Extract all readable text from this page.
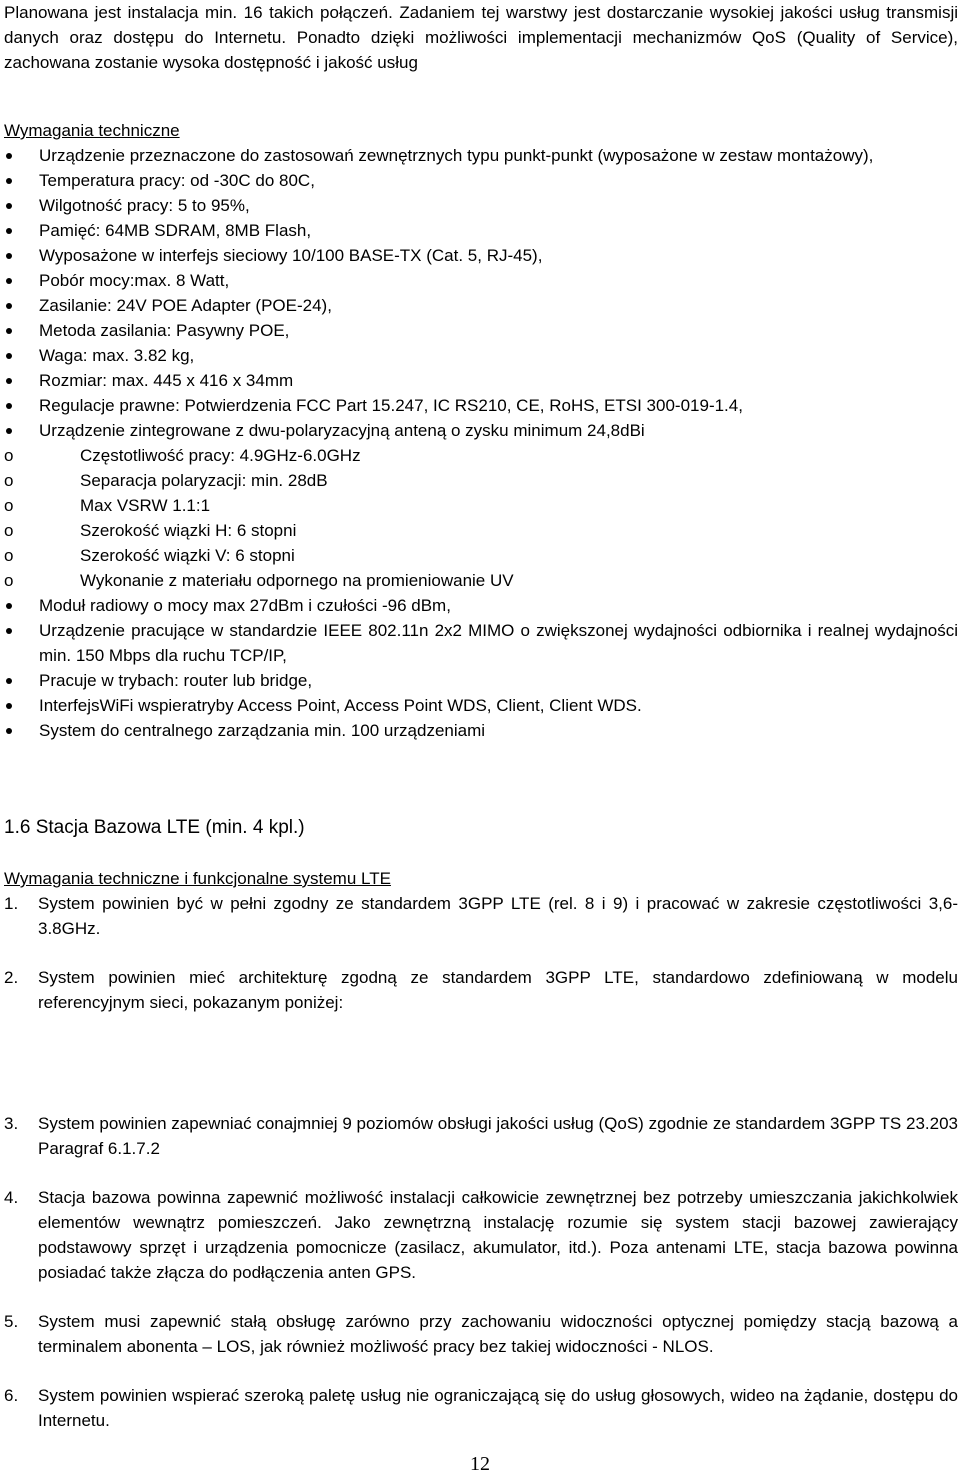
Planowana jest instalacja min. 16 takich połączeń. Zadaniem tej warstwy jest dostarczanie wysokiej jakości usług transmisji danych oraz dostępu do Internetu. Ponadto dzięki możliwości implementacji mechanizmów QoS (Quality of Service), zachowana zostanie wysoka dostępność i jakość usług

Wymagania techniczne

Urządzenie przeznaczone do zastosowań zewnętrznych typu punkt-punkt (wyposażone w zestaw montażowy),
Temperatura pracy: od -30C do 80C,
Wilgotność pracy: 5 to 95%,
Pamięć: 64MB SDRAM, 8MB Flash,
Wyposażone w interfejs sieciowy 10/100 BASE-TX (Cat. 5, RJ-45),
Pobór mocy:max. 8 Watt,
Zasilanie: 24V POE Adapter (POE-24),
Metoda zasilania: Pasywny POE,
Waga: max. 3.82 kg,
Rozmiar: max. 445 x 416 x 34mm
Regulacje prawne: Potwierdzenia FCC Part 15.247, IC RS210, CE, RoHS, ETSI 300-019-1.4,
Urządzenie zintegrowane z dwu-polaryzacyjną anteną o zysku minimum 24,8dBi
o	Częstotliwość pracy: 4.9GHz-6.0GHz
o	Separacja polaryzacji: min. 28dB
o	Max VSRW 1.1:1
o	Szerokość wiązki H: 6 stopni
o	Szerokość wiązki V: 6 stopni
o	Wykonanie z materiału odpornego na promieniowanie UV
Moduł radiowy o mocy max 27dBm i czułości -96 dBm,
Urządzenie pracujące w standardzie IEEE 802.11n 2x2 MIMO o zwiększonej wydajności odbiornika i realnej wydajności min. 150 Mbps dla ruchu TCP/IP,
Pracuje w trybach: router lub bridge,
InterfejsWiFi wspieratryby Access Point, Access Point WDS, Client, Client WDS.
System do centralnego zarządzania min. 100 urządzeniami

1.6 Stacja Bazowa LTE (min. 4 kpl.)

Wymagania techniczne i funkcjonalne systemu LTE

1. System powinien być w pełni zgodny ze standardem 3GPP LTE (rel. 8 i 9) i pracować w zakresie częstotliwości 3,6-3.8GHz.
2. System powinien mieć architekturę zgodną ze standardem 3GPP LTE, standardowo zdefiniowaną w modelu referencyjnym sieci, pokazanym poniżej:
3. System powinien zapewniać conajmniej 9 poziomów obsługi jakości usług (QoS) zgodnie ze standardem 3GPP TS 23.203 Paragraf 6.1.7.2
4. Stacja bazowa powinna zapewnić możliwość instalacji całkowicie zewnętrznej bez potrzeby umieszczania jakichkolwiek elementów wewnątrz pomieszczeń. Jako zewnętrzną instalację rozumie się system stacji bazowej zawierający podstawowy sprzęt i urządzenia pomocnicze (zasilacz, akumulator, itd.). Poza antenami LTE, stacja bazowa powinna posiadać także złącza do podłączenia anten GPS.
5. System musi zapewnić stałą obsługę zarówno przy zachowaniu widoczności optycznej pomiędzy stacją bazową a terminalem abonenta – LOS, jak również możliwość pracy bez takiej widoczności - NLOS.
6. System powinien wspierać szeroką paletę usług nie ograniczającą się do usług głosowych, wideo na żądanie, dostępu do Internetu.
12
